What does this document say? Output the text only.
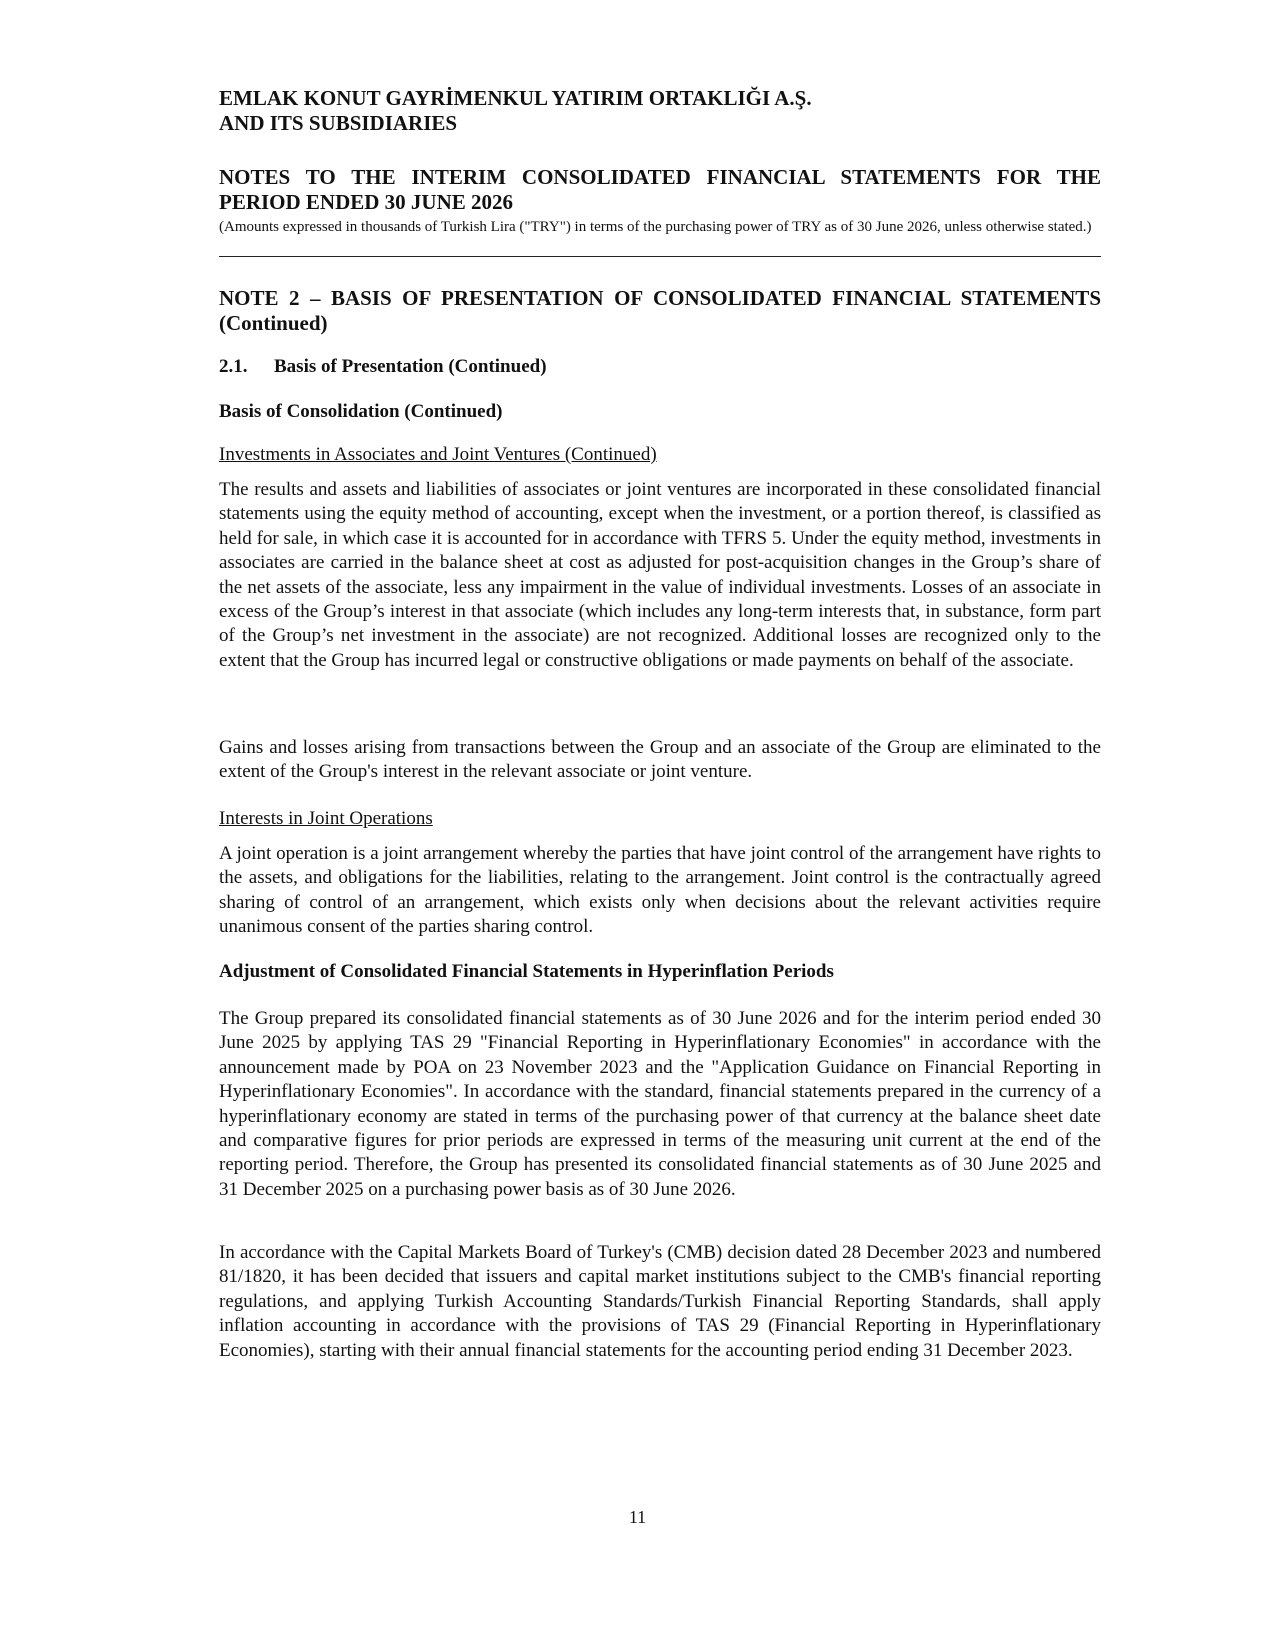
EMLAK KONUT GAYRİMENKUL YATIRIM ORTAKLIĞI A.Ş.
AND ITS SUBSIDIARIES
NOTES TO THE INTERIM CONSOLIDATED FINANCIAL STATEMENTS FOR THE PERIOD ENDED 30 JUNE 2026
(Amounts expressed in thousands of Turkish Lira ("TRY") in terms of the purchasing power of TRY as of 30 June 2026, unless otherwise stated.)
NOTE 2 – BASIS OF PRESENTATION OF CONSOLIDATED FINANCIAL STATEMENTS (Continued)
2.1. Basis of Presentation (Continued)
Basis of Consolidation (Continued)
Investments in Associates and Joint Ventures (Continued)
The results and assets and liabilities of associates or joint ventures are incorporated in these consolidated financial statements using the equity method of accounting, except when the investment, or a portion thereof, is classified as held for sale, in which case it is accounted for in accordance with TFRS 5. Under the equity method, investments in associates are carried in the balance sheet at cost as adjusted for post-acquisition changes in the Group’s share of the net assets of the associate, less any impairment in the value of individual investments. Losses of an associate in excess of the Group’s interest in that associate (which includes any long-term interests that, in substance, form part of the Group’s net investment in the associate) are not recognized. Additional losses are recognized only to the extent that the Group has incurred legal or constructive obligations or made payments on behalf of the associate.
Gains and losses arising from transactions between the Group and an associate of the Group are eliminated to the extent of the Group's interest in the relevant associate or joint venture.
Interests in Joint Operations
A joint operation is a joint arrangement whereby the parties that have joint control of the arrangement have rights to the assets, and obligations for the liabilities, relating to the arrangement. Joint control is the contractually agreed sharing of control of an arrangement, which exists only when decisions about the relevant activities require unanimous consent of the parties sharing control.
Adjustment of Consolidated Financial Statements in Hyperinflation Periods
The Group prepared its consolidated financial statements as of 30 June 2026 and for the interim period ended 30 June 2025 by applying TAS 29 "Financial Reporting in Hyperinflationary Economies" in accordance with the announcement made by POA on 23 November 2023 and the "Application Guidance on Financial Reporting in Hyperinflationary Economies". In accordance with the standard, financial statements prepared in the currency of a hyperinflationary economy are stated in terms of the purchasing power of that currency at the balance sheet date and comparative figures for prior periods are expressed in terms of the measuring unit current at the end of the reporting period. Therefore, the Group has presented its consolidated financial statements as of 30 June 2025 and 31 December 2025 on a purchasing power basis as of 30 June 2026.
In accordance with the Capital Markets Board of Turkey's (CMB) decision dated 28 December 2023 and numbered 81/1820, it has been decided that issuers and capital market institutions subject to the CMB's financial reporting regulations, and applying Turkish Accounting Standards/Turkish Financial Reporting Standards, shall apply inflation accounting in accordance with the provisions of TAS 29 (Financial Reporting in Hyperinflationary Economies), starting with their annual financial statements for the accounting period ending 31 December 2023.
11
